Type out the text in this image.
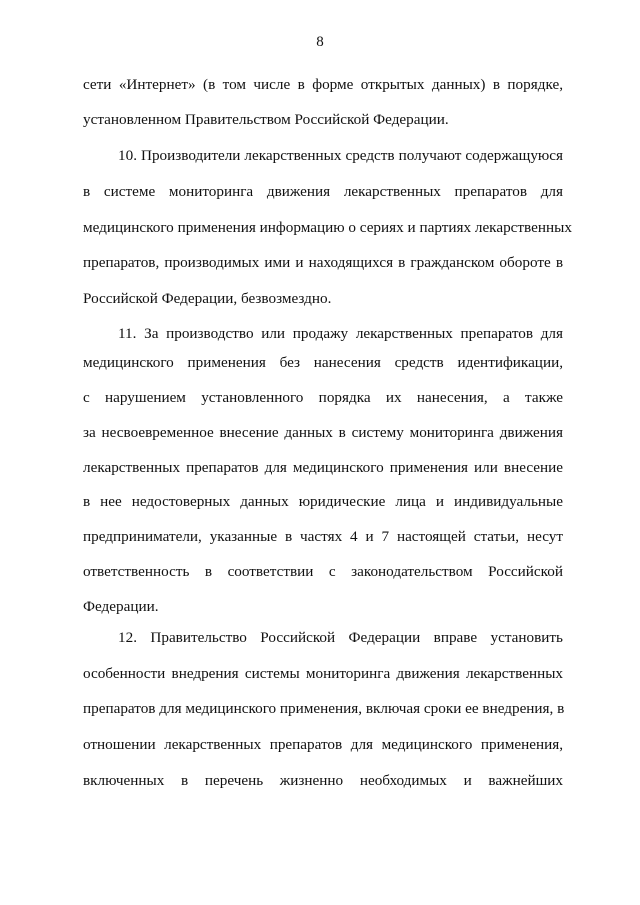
8
сети «Интернет» (в том числе в форме открытых данных) в порядке,
установленном Правительством Российской Федерации.
10. Производители лекарственных средств получают содержащуюся
в системе мониторинга движения лекарственных препаратов для
медицинского применения информацию о сериях и партиях лекарственных
препаратов, производимых ими и находящихся в гражданском обороте в
Российской Федерации, безвозмездно.
11. За производство или продажу лекарственных препаратов для
медицинского применения без нанесения средств идентификации,
с нарушением установленного порядка их нанесения, а также
за несвоевременное внесение данных в систему мониторинга движения
лекарственных препаратов для медицинского применения или внесение
в нее недостоверных данных юридические лица и индивидуальные
предприниматели, указанные в частях 4 и 7 настоящей статьи, несут
ответственность в соответствии с законодательством Российской
Федерации.
12. Правительство Российской Федерации вправе установить
особенности внедрения системы мониторинга движения лекарственных
препаратов для медицинского применения, включая сроки ее внедрения, в
отношении лекарственных препаратов для медицинского применения,
включенных в перечень жизненно необходимых и важнейших
